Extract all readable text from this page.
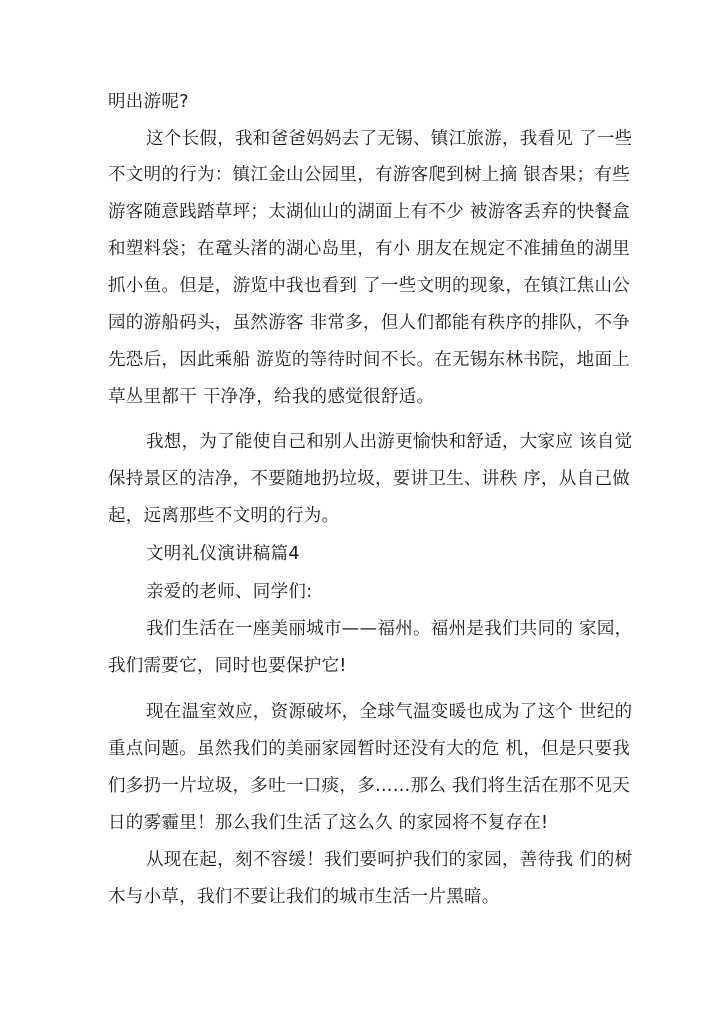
明出游呢?
这个长假，我和爸爸妈妈去了无锡、镇江旅游，我看见 了一些
不文明的行为：镇江金山公园里，有游客爬到树上摘 银杏果；有些
游客随意践踏草坪；太湖仙山的湖面上有不少 被游客丢弃的快餐盒
和塑料袋；在鼋头渚的湖心岛里，有小 朋友在规定不准捕鱼的湖里
抓小鱼。但是，游览中我也看到 了一些文明的现象，在镇江焦山公
园的游船码头，虽然游客 非常多，但人们都能有秩序的排队，不争
先恐后，因此乘船 游览的等待时间不长。在无锡东林书院，地面上
草丛里都干 干净净，给我的感觉很舒适。
我想，为了能使自己和别人出游更愉快和舒适，大家应 该自觉
保持景区的洁净，不要随地扔垃圾，要讲卫生、讲秩 序，从自己做
起，远离那些不文明的行为。
文明礼仪演讲稿篇4
亲爱的老师、同学们:
我们生活在一座美丽城市——福州。福州是我们共同的 家园，
我们需要它，同时也要保护它!
现在温室效应，资源破坏，全球气温变暖也成为了这个 世纪的
重点问题。虽然我们的美丽家园暂时还没有大的危 机，但是只要我
们多扔一片垃圾，多吐一口痰，多……那么 我们将生活在那不见天
日的雾霾里！那么我们生活了这么久 的家园将不复存在!
从现在起，刻不容缓！我们要呵护我们的家园，善待我 们的树
木与小草，我们不要让我们的城市生活一片黑暗。
